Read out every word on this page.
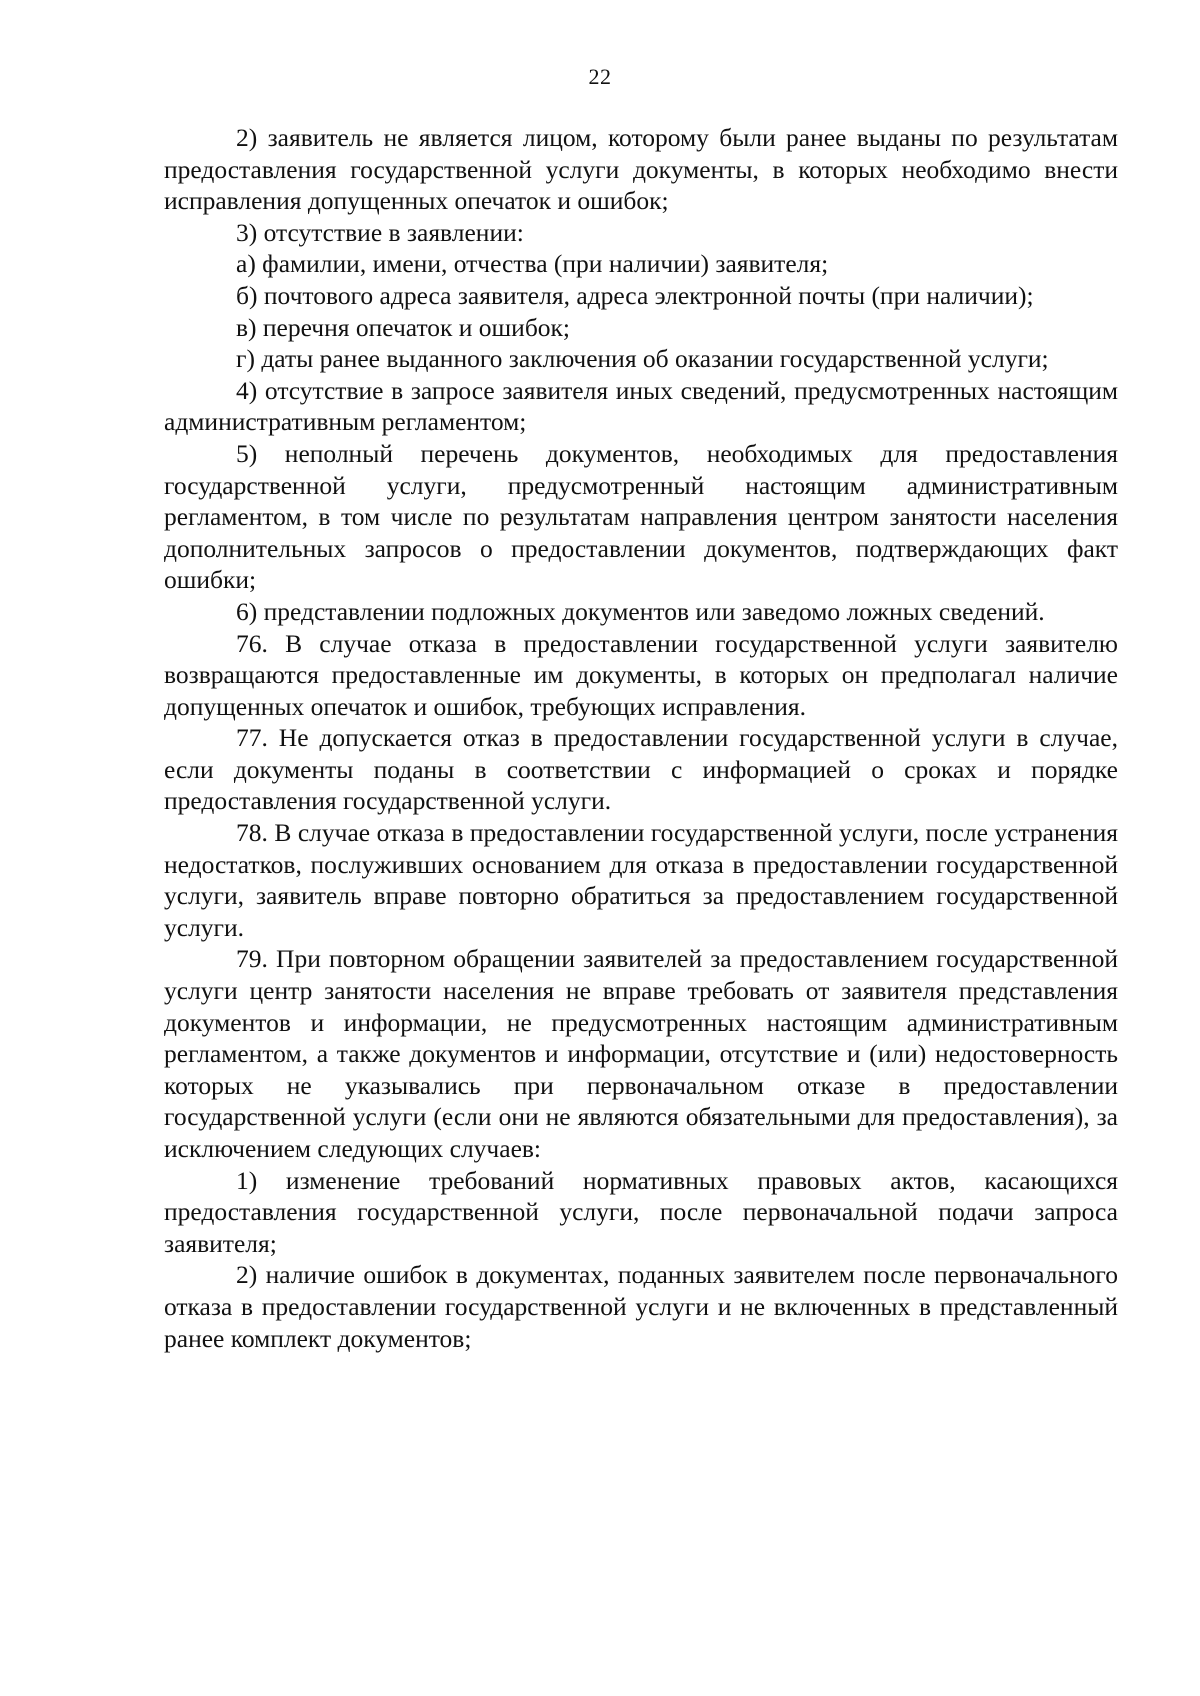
22

2) заявитель не является лицом, которому были ранее выданы по результатам предоставления государственной услуги документы, в которых необходимо внести исправления допущенных опечаток и ошибок;

3) отсутствие в заявлении:

а) фамилии, имени, отчества (при наличии) заявителя;

б) почтового адреса заявителя, адреса электронной почты (при наличии);

в) перечня опечаток и ошибок;

г) даты ранее выданного заключения об оказании государственной услуги;

4) отсутствие в запросе заявителя иных сведений, предусмотренных настоящим административным регламентом;

5) неполный перечень документов, необходимых для предоставления государственной услуги, предусмотренный настоящим административным регламентом, в том числе по результатам направления центром занятости населения дополнительных запросов о предоставлении документов, подтверждающих факт ошибки;

6) представлении подложных документов или заведомо ложных сведений.

76. В случае отказа в предоставлении государственной услуги заявителю возвращаются предоставленные им документы, в которых он предполагал наличие допущенных опечаток и ошибок, требующих исправления.

77. Не допускается отказ в предоставлении государственной услуги в случае, если документы поданы в соответствии с информацией о сроках и порядке предоставления государственной услуги.

78. В случае отказа в предоставлении государственной услуги, после устранения недостатков, послуживших основанием для отказа в предоставлении государственной услуги, заявитель вправе повторно обратиться за предоставлением государственной услуги.

79. При повторном обращении заявителей за предоставлением государственной услуги центр занятости населения не вправе требовать от заявителя представления документов и информации, не предусмотренных настоящим административным регламентом, а также документов и информации, отсутствие и (или) недостоверность которых не указывались при первоначальном отказе в предоставлении государственной услуги (если они не являются обязательными для предоставления), за исключением следующих случаев:

1) изменение требований нормативных правовых актов, касающихся предоставления государственной услуги, после первоначальной подачи запроса заявителя;

2) наличие ошибок в документах, поданных заявителем после первоначального отказа в предоставлении государственной услуги и не включенных в представленный ранее комплект документов;
